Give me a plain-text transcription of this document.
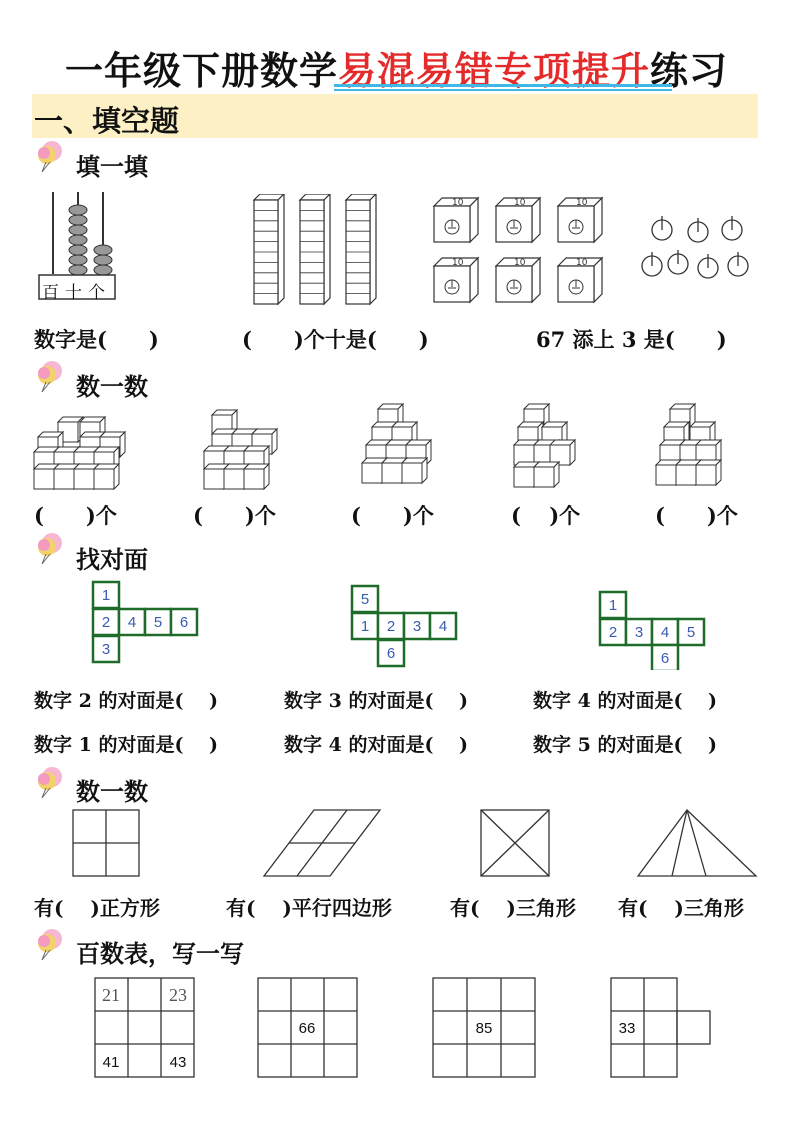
一年级下册数学易混易错专项提升练习
一、填空题
填一填
百十个
10	10	10
10	10	10
数字是(　　)	(　　)个十是(　　)	67 添上 3 是(　　)
数一数
(　　)个	(　　)个	(　　)个	(　 )个	(　　)个
找对面
1
2 4 5 6
3
5
1 2 3 4
6
1
2 3 4 5
6
数字 2 的对面是(　 )	数字 3 的对面是(　 )	数字 4 的对面是(　 )
数字 1 的对面是(　 )	数字 4 的对面是(　 )	数字 5 的对面是(　 )
数一数
有(　 )正方形	有(　 )平行四边形	有(　 )三角形 有(　 )三角形
百数表，写一写
21	23
41	43
66	85	33
